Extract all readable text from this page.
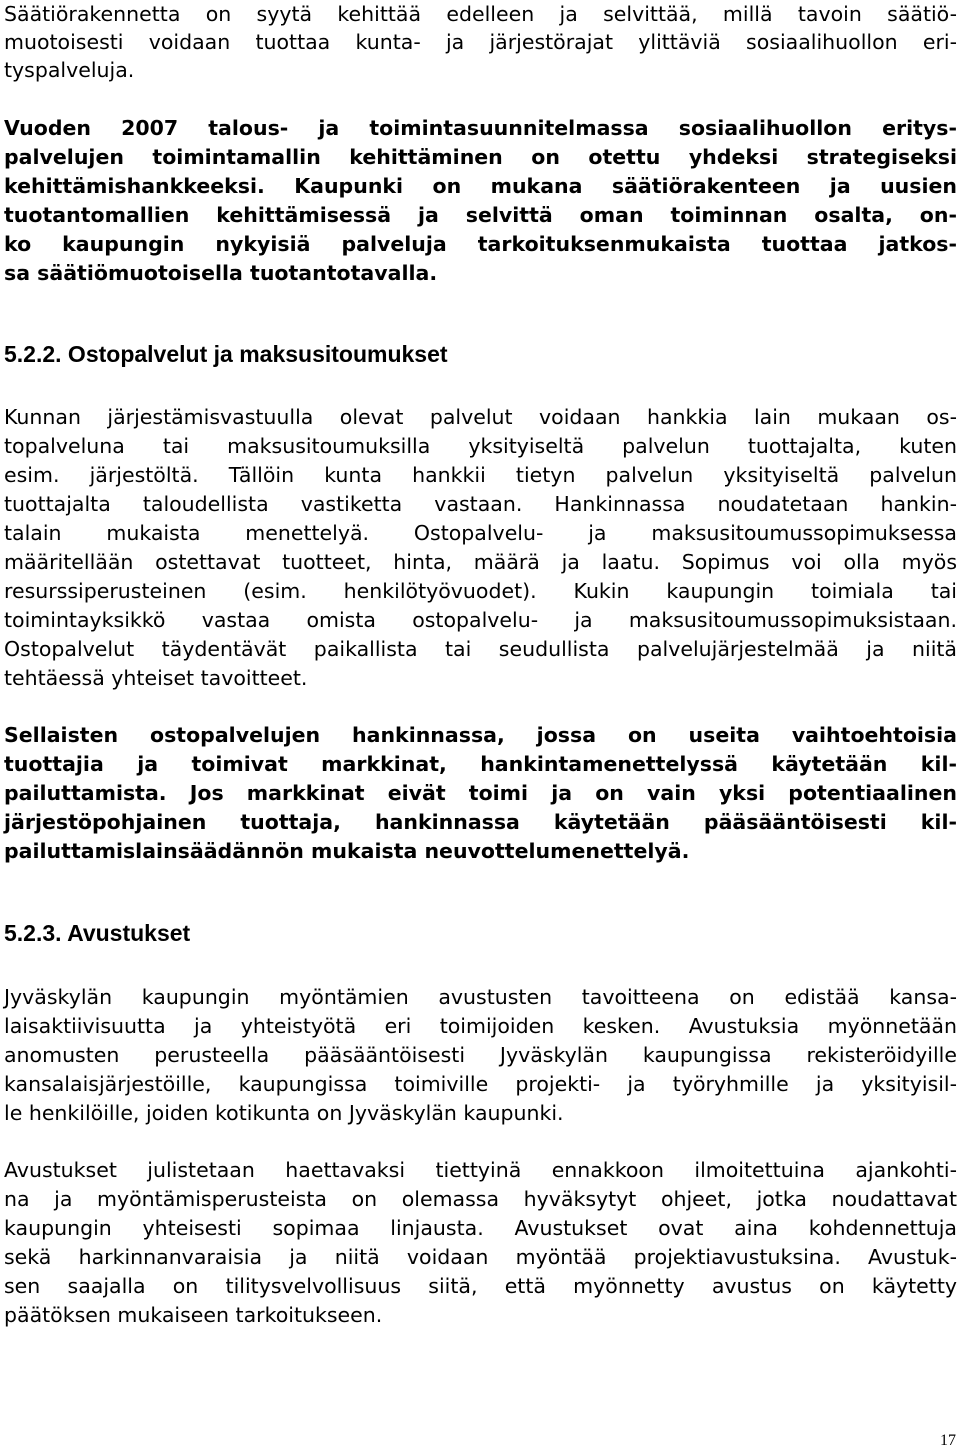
Säätiörakennetta on syytä kehittää edelleen ja selvittää, millä tavoin säätiö-
muotoisesti voidaan tuottaa kunta- ja järjestörajat ylittäviä sosiaalihuollon eri-
tyspalveluja.
Vuoden 2007 talous- ja toimintasuunnitelmassa sosiaalihuollon eritys-
palvelujen toimintamallin kehittäminen on otettu yhdeksi strategiseksi
kehittämishankkeeksi. Kaupunki on mukana säätiörakenteen ja uusien
tuotantomallien kehittämisessä ja selvittä oman toiminnan osalta, on-
ko kaupungin nykyisiä palveluja tarkoituksenmukaista tuottaa jatkos-
sa säätiömuotoisella tuotantotavalla.
5.2.2. Ostopalvelut ja maksusitoumukset
Kunnan järjestämisvastuulla olevat palvelut voidaan hankkia lain mukaan os-
topalveluna tai maksusitoumuksilla yksityiseltä palvelun tuottajalta, kuten
esim. järjestöltä. Tällöin kunta hankkii tietyn palvelun yksityiseltä palvelun
tuottajalta taloudellista vastiketta vastaan. Hankinnassa noudatetaan hankin-
talain mukaista menettelyä. Ostopalvelu- ja maksusitoumussopimuksessa
määritellään ostettavat tuotteet, hinta, määrä ja laatu. Sopimus voi olla myös
resurssiperusteinen (esim. henkilötyövuodet). Kukin kaupungin toimiala tai
toimintayksikkö vastaa omista ostopalvelu- ja maksusitoumussopimuksistaan.
Ostopalvelut täydentävät paikallista tai seudullista palvelujärjestelmää ja niitä
tehtäessä yhteiset tavoitteet.
Sellaisten ostopalvelujen hankinnassa, jossa on useita vaihtoehtoisia
tuottajia ja toimivat markkinat, hankintamenettelyssä käytetään kil-
pailuttamista. Jos markkinat eivät toimi ja on vain yksi potentiaalinen
järjestöpohjainen tuottaja, hankinnassa käytetään pääsääntöisesti kil-
pailuttamislainsäädännön mukaista neuvottelumenettelyä.
5.2.3. Avustukset
Jyväskylän kaupungin myöntämien avustusten tavoitteena on edistää kansa-
laisaktiivisuutta ja yhteistyötä eri toimijoiden kesken. Avustuksia myönnetään
anomusten perusteella pääsääntöisesti Jyväskylän kaupungissa rekisteröidyille
kansalaisjärjestöille, kaupungissa toimiville projekti- ja työryhmille ja yksityisil-
le henkilöille, joiden kotikunta on Jyväskylän kaupunki.
Avustukset julistetaan haettavaksi tiettyinä ennakkoon ilmoitettuina ajankohti-
na ja myöntämisperusteista on olemassa hyväksytyt ohjeet, jotka noudattavat
kaupungin yhteisesti sopimaa linjausta. Avustukset ovat aina kohdennettuja
sekä harkinnanvaraisia ja niitä voidaan myöntää projektiavustuksina. Avustuk-
sen saajalla on tilitysvelvollisuus siitä, että myönnetty avustus on käytetty
päätöksen mukaiseen tarkoitukseen.
17
